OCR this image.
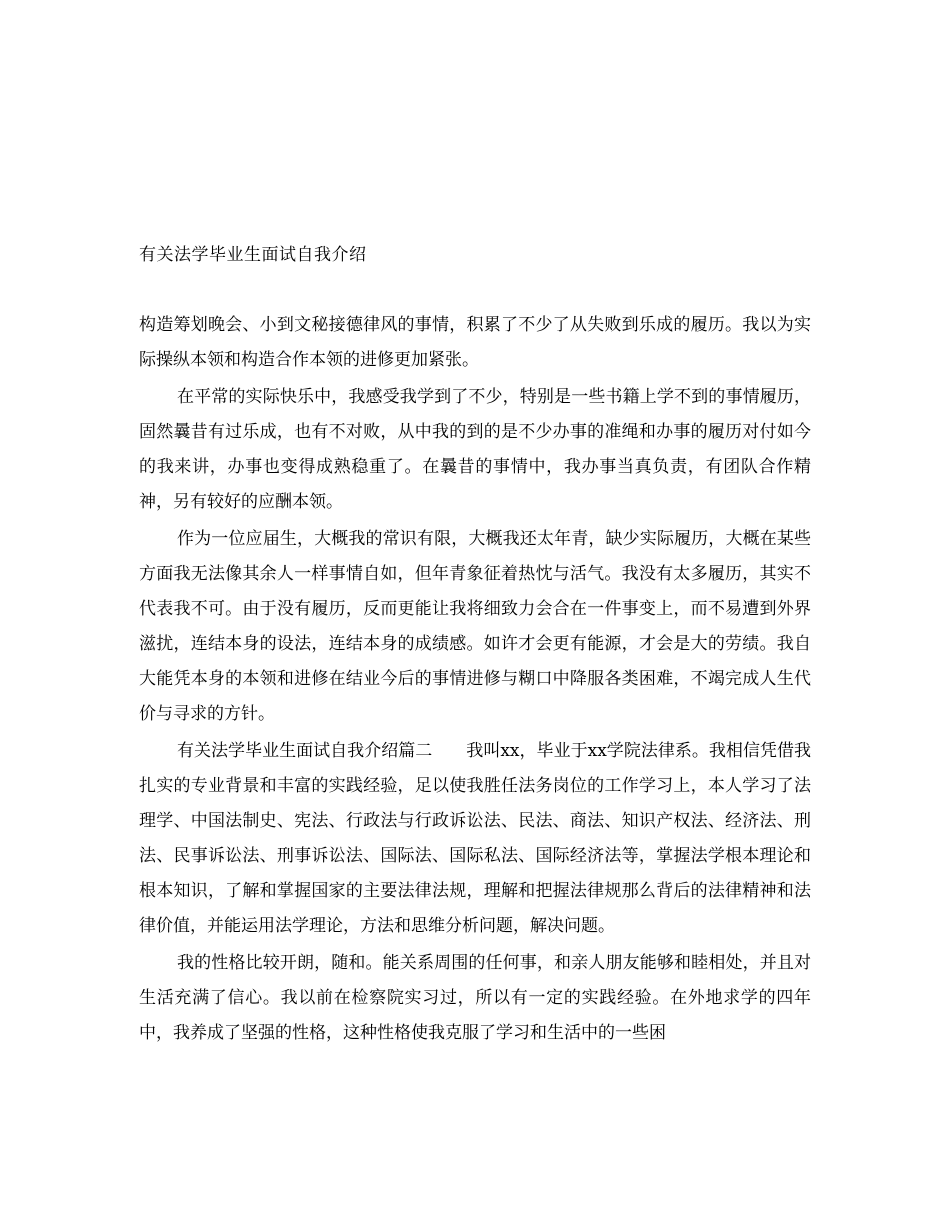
有关法学毕业生面试自我介绍

构造筹划晚会、小到文秘接德律风的事情，积累了不少了从失败到乐成的履历。我以为实际操纵本领和构造合作本领的进修更加紧张。

在平常的实际快乐中，我感受我学到了不少，特别是一些书籍上学不到的事情履历，固然曩昔有过乐成，也有不对败，从中我的到的是不少办事的准绳和办事的履历对付如今的我来讲，办事也变得成熟稳重了。在曩昔的事情中，我办事当真负责，有团队合作精神，另有较好的应酬本领。

作为一位应届生，大概我的常识有限，大概我还太年青，缺少实际履历，大概在某些方面我无法像其余人一样事情自如，但年青象征着热忱与活气。我没有太多履历，其实不代表我不可。由于没有履历，反而更能让我将细致力会合在一件事变上，而不易遭到外界滋扰，连结本身的设法，连结本身的成绩感。如许才会更有能源，才会是大的劳绩。我自大能凭本身的本领和进修在结业今后的事情进修与糊口中降服各类困难，不竭完成人生代价与寻求的方针。

有关法学毕业生面试自我介绍篇二 我叫xx，毕业于xx学院法律系。我相信凭借我扎实的专业背景和丰富的实践经验，足以使我胜任法务岗位的工作学习上，本人学习了法理学、中国法制史、宪法、行政法与行政诉讼法、民法、商法、知识产权法、经济法、刑法、民事诉讼法、刑事诉讼法、国际法、国际私法、国际经济法等，掌握法学根本理论和根本知识，了解和掌握国家的主要法律法规，理解和把握法律规那么背后的法律精神和法律价值，并能运用法学理论，方法和思维分析问题，解决问题。

我的性格比较开朗，随和。能关系周围的任何事，和亲人朋友能够和睦相处，并且对生活充满了信心。我以前在检察院实习过，所以有一定的实践经验。在外地求学的四年中，我养成了坚强的性格，这种性格使我克服了学习和生活中的一些困
